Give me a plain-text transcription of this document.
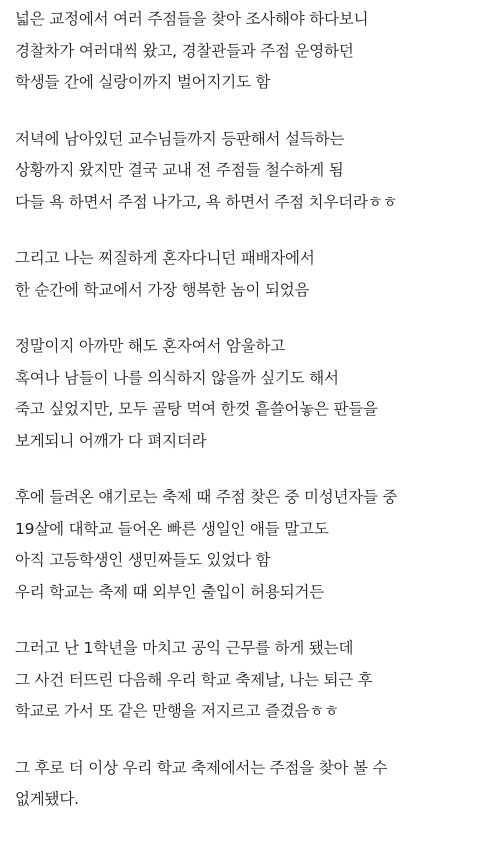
넓은 교정에서 여러 주점들을 찾아 조사해야 하다보니
경찰차가 여러대씩 왔고, 경찰관들과 주점 운영하던
학생들 간에 실랑이까지 벌어지기도 함
저녁에 남아있던 교수님들까지 등판해서 설득하는
상황까지 왔지만 결국 교내 전 주점들 철수하게 됨
다들 욕 하면서 주점 나가고, 욕 하면서 주점 치우더라ㅎㅎ
그리고 나는 찌질하게 혼자다니던 패배자에서
한 순간에 학교에서 가장 행복한 놈이 되었음
정말이지 아까만 해도 혼자여서 암울하고
혹여나 남들이 나를 의식하지 않을까 싶기도 해서
죽고 싶었지만, 모두 골탕 먹여 한껏 흩쓸어놓은 판들을
보게되니 어깨가 다 펴지더라
후에 들려온 얘기로는 축제 때 주점 찾은 중 미성년자들 중
19살에 대학교 들어온 빠른 생일인 애들 말고도
아직 고등학생인 생민짜들도 있었다 함
우리 학교는 축제 때 외부인 출입이 허용되거든
그러고 난 1학년을 마치고 공익 근무를 하게 됐는데
그 사건 터뜨린 다음해 우리 학교 축제날, 나는 퇴근 후
학교로 가서 또 같은 만행을 저지르고 즐겼음ㅎㅎ
그 후로 더 이상 우리 학교 축제에서는 주점을 찾아 볼 수
없게됐다.
